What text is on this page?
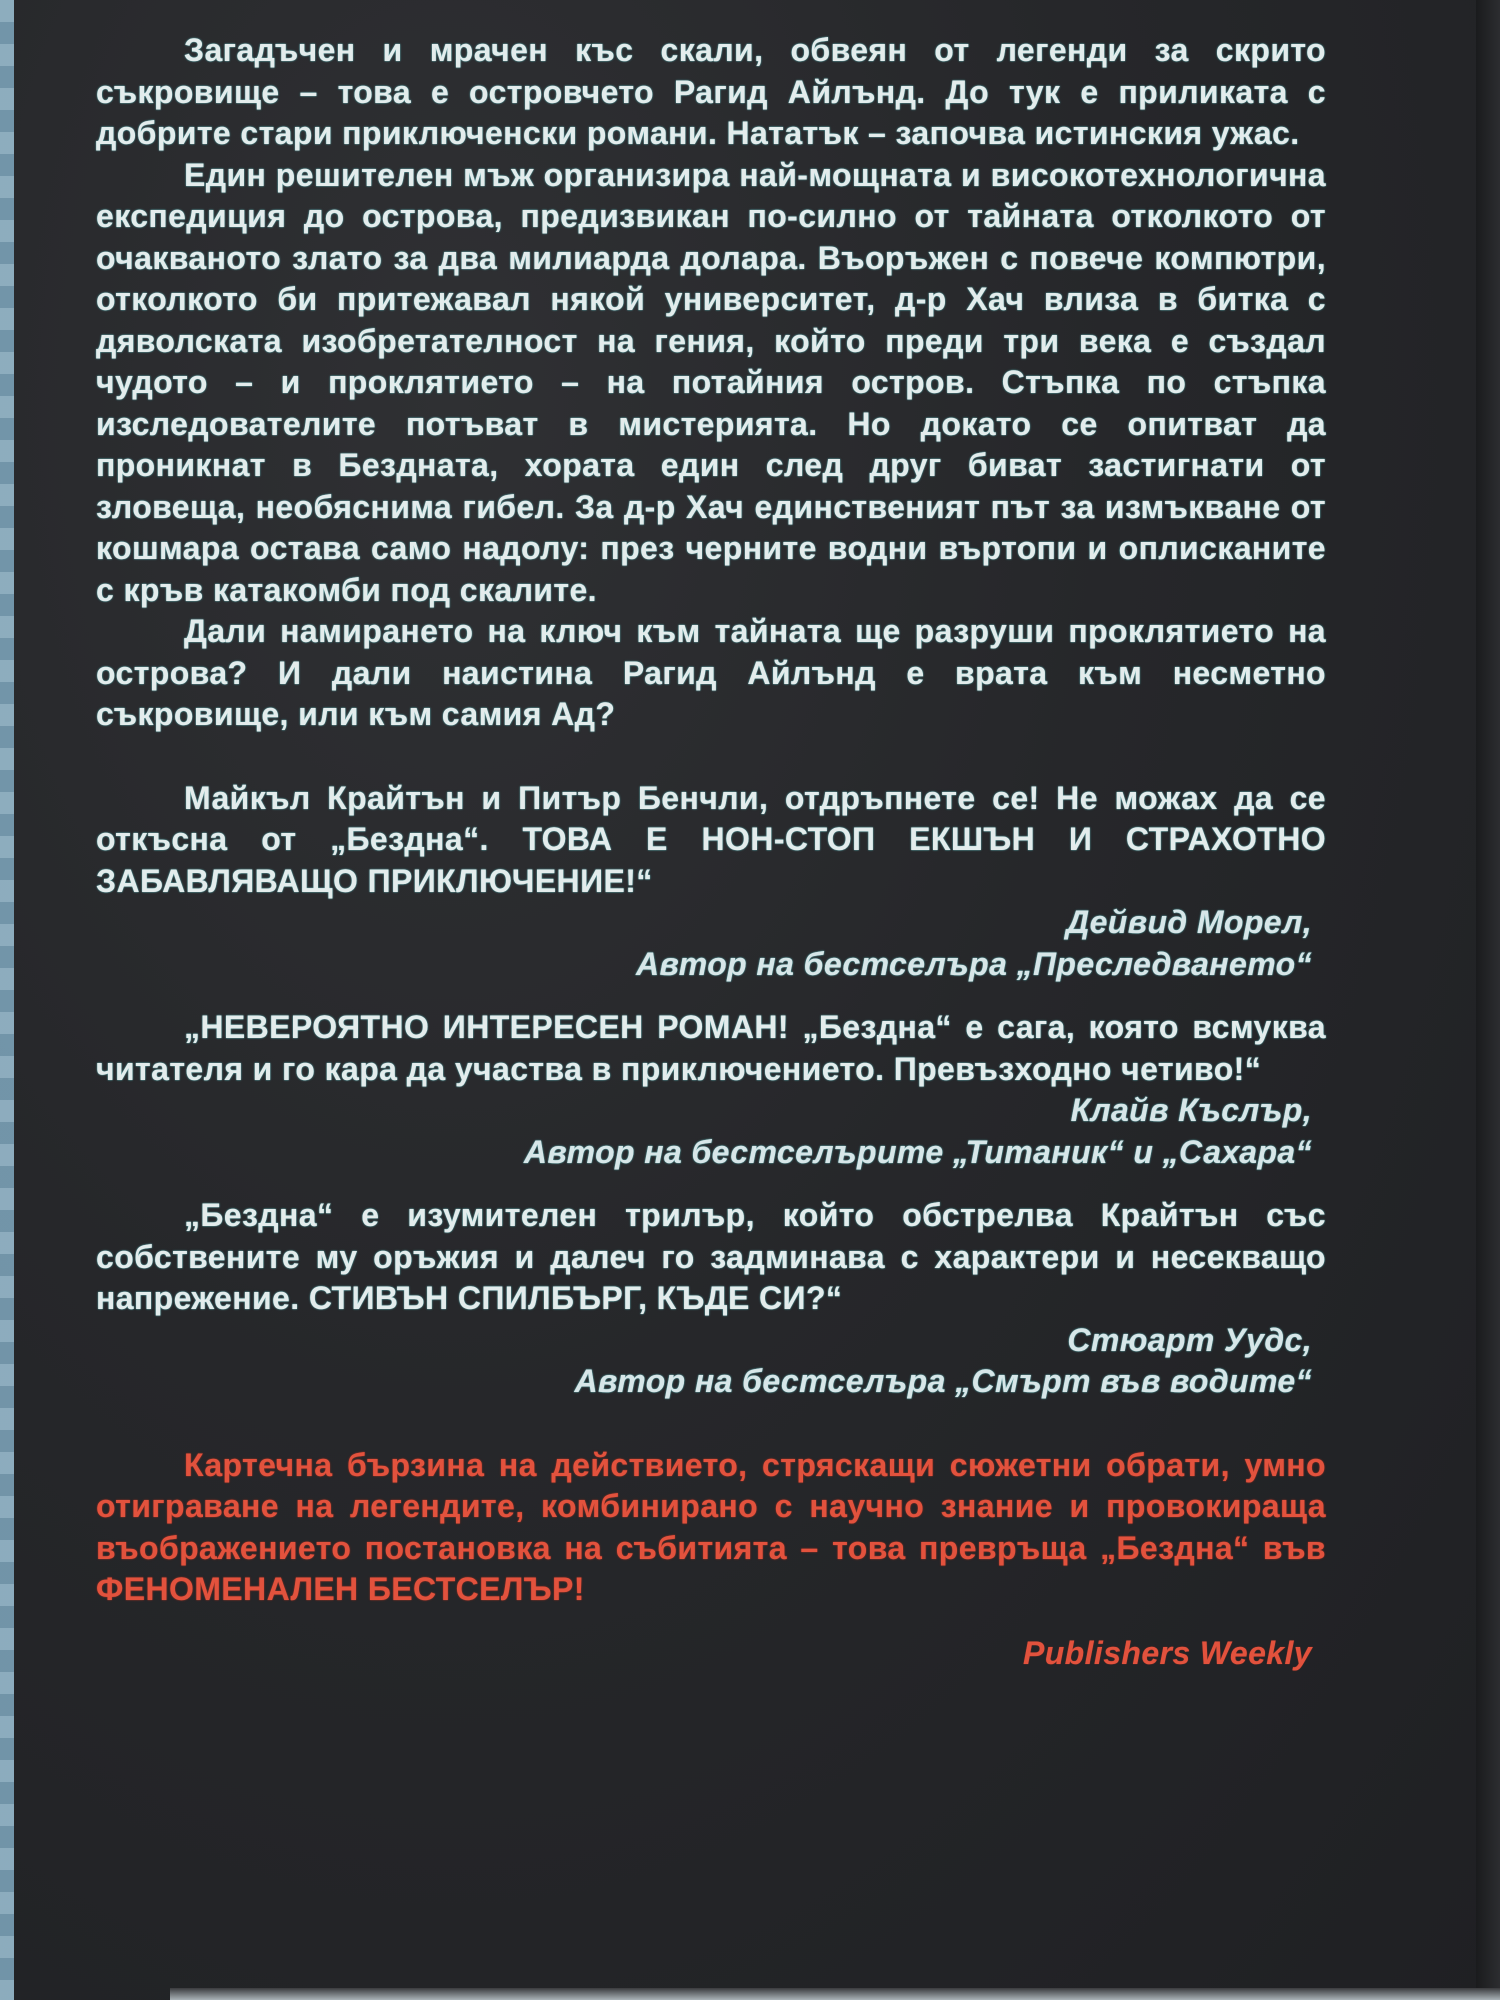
Загадъчен и мрачен къс скали, обвеян от легенди за скрито съкровище – това е островчето Рагид Айлънд. До тук е приликата с добрите стари приключенски романи. Нататък – започва истинския ужас.

Един решителен мъж организира най-мощната и високотехнологична експедиция до острова, предизвикан по-силно от тайната отколкото от очакваното злато за два милиарда долара. Въоръжен с повече компютри, отколкото би притежавал някой университет, д-р Хач влиза в битка с дяволската изобретателност на гения, който преди три века е създал чудото – и проклятието – на потайния остров. Стъпка по стъпка изследователите потъват в мистерията. Но докато се опитват да проникнат в Бездната, хората един след друг биват застигнати от зловеща, необяснима гибел. За д-р Хач единственият път за измъкване от кошмара остава само надолу: през черните водни въртопи и оплисканите с кръв катакомби под скалите.

Дали намирането на ключ към тайната ще разруши проклятието на острова? И дали наистина Рагид Айлънд е врата към несметно съкровище, или към самия Ад?

Майкъл Крайтън и Питър Бенчли, отдръпнете се! Не можах да се откъсна от „Бездна“. ТОВА Е НОН-СТОП ЕКШЪН И СТРАХОТНО ЗАБАВЛЯВАЩО ПРИКЛЮЧЕНИЕ!“

Дейвид Морел,

Автор на бестселъра „Преследването“

„НЕВЕРОЯТНО ИНТЕРЕСЕН РОМАН! „Бездна“ е сага, която всмуква читателя и го кара да участва в приключението. Превъзходно четиво!“

Клайв Къслър,

Автор на бестселърите „Титаник“ и „Сахара“

„Бездна“ е изумителен трилър, който обстрелва Крайтън със собствените му оръжия и далеч го задминава с характери и несекващо напрежение. СТИВЪН СПИЛБЪРГ, КЪДЕ СИ?“

Стюарт Уудс,

Автор на бестселъра „Смърт във водите“

Картечна бързина на действието, стряскащи сюжетни обрати, умно отиграване на легендите, комбинирано с научно знание и провокираща въображението постановка на събитията – това превръща „Бездна“ във ФЕНОМЕНАЛЕН БЕСТСЕЛЪР!

Publishers Weekly
